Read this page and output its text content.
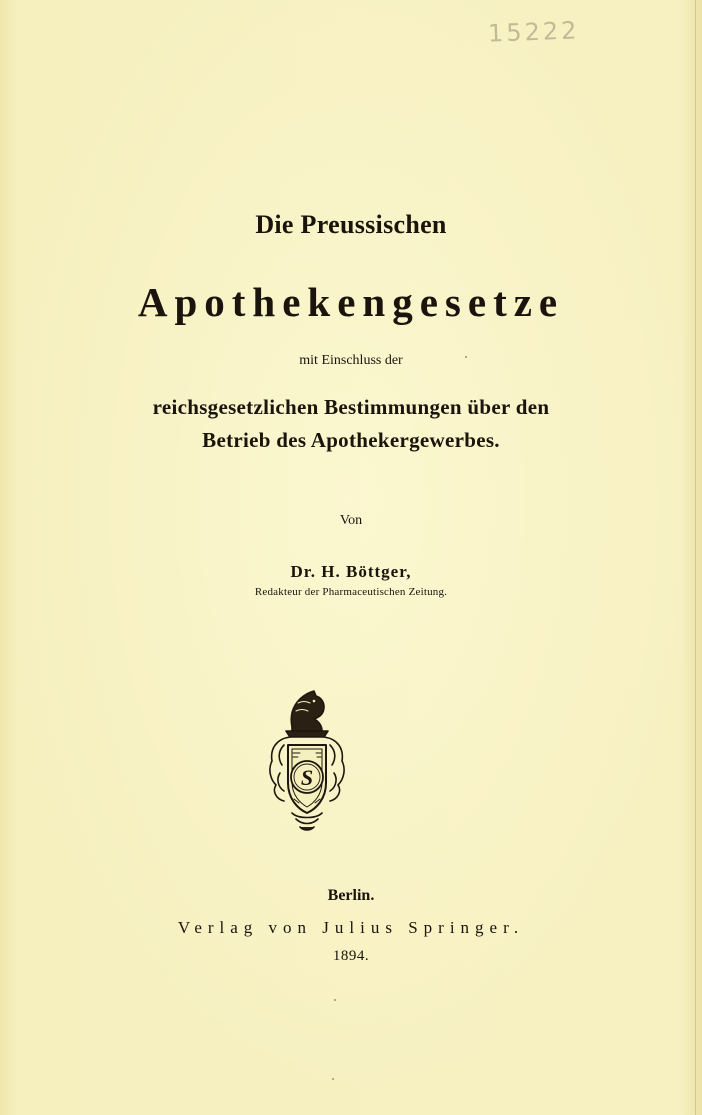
15222
Die Preussischen
Apothekengesetze
mit Einschluss der
reichsgesetzlichen Bestimmungen über den
Betrieb des Apothekergewerbes.
Von
Dr. H. Böttger,
Redakteur der Pharmaceutischen Zeitung.
S
Berlin.
Verlag von Julius Springer.
1894.
